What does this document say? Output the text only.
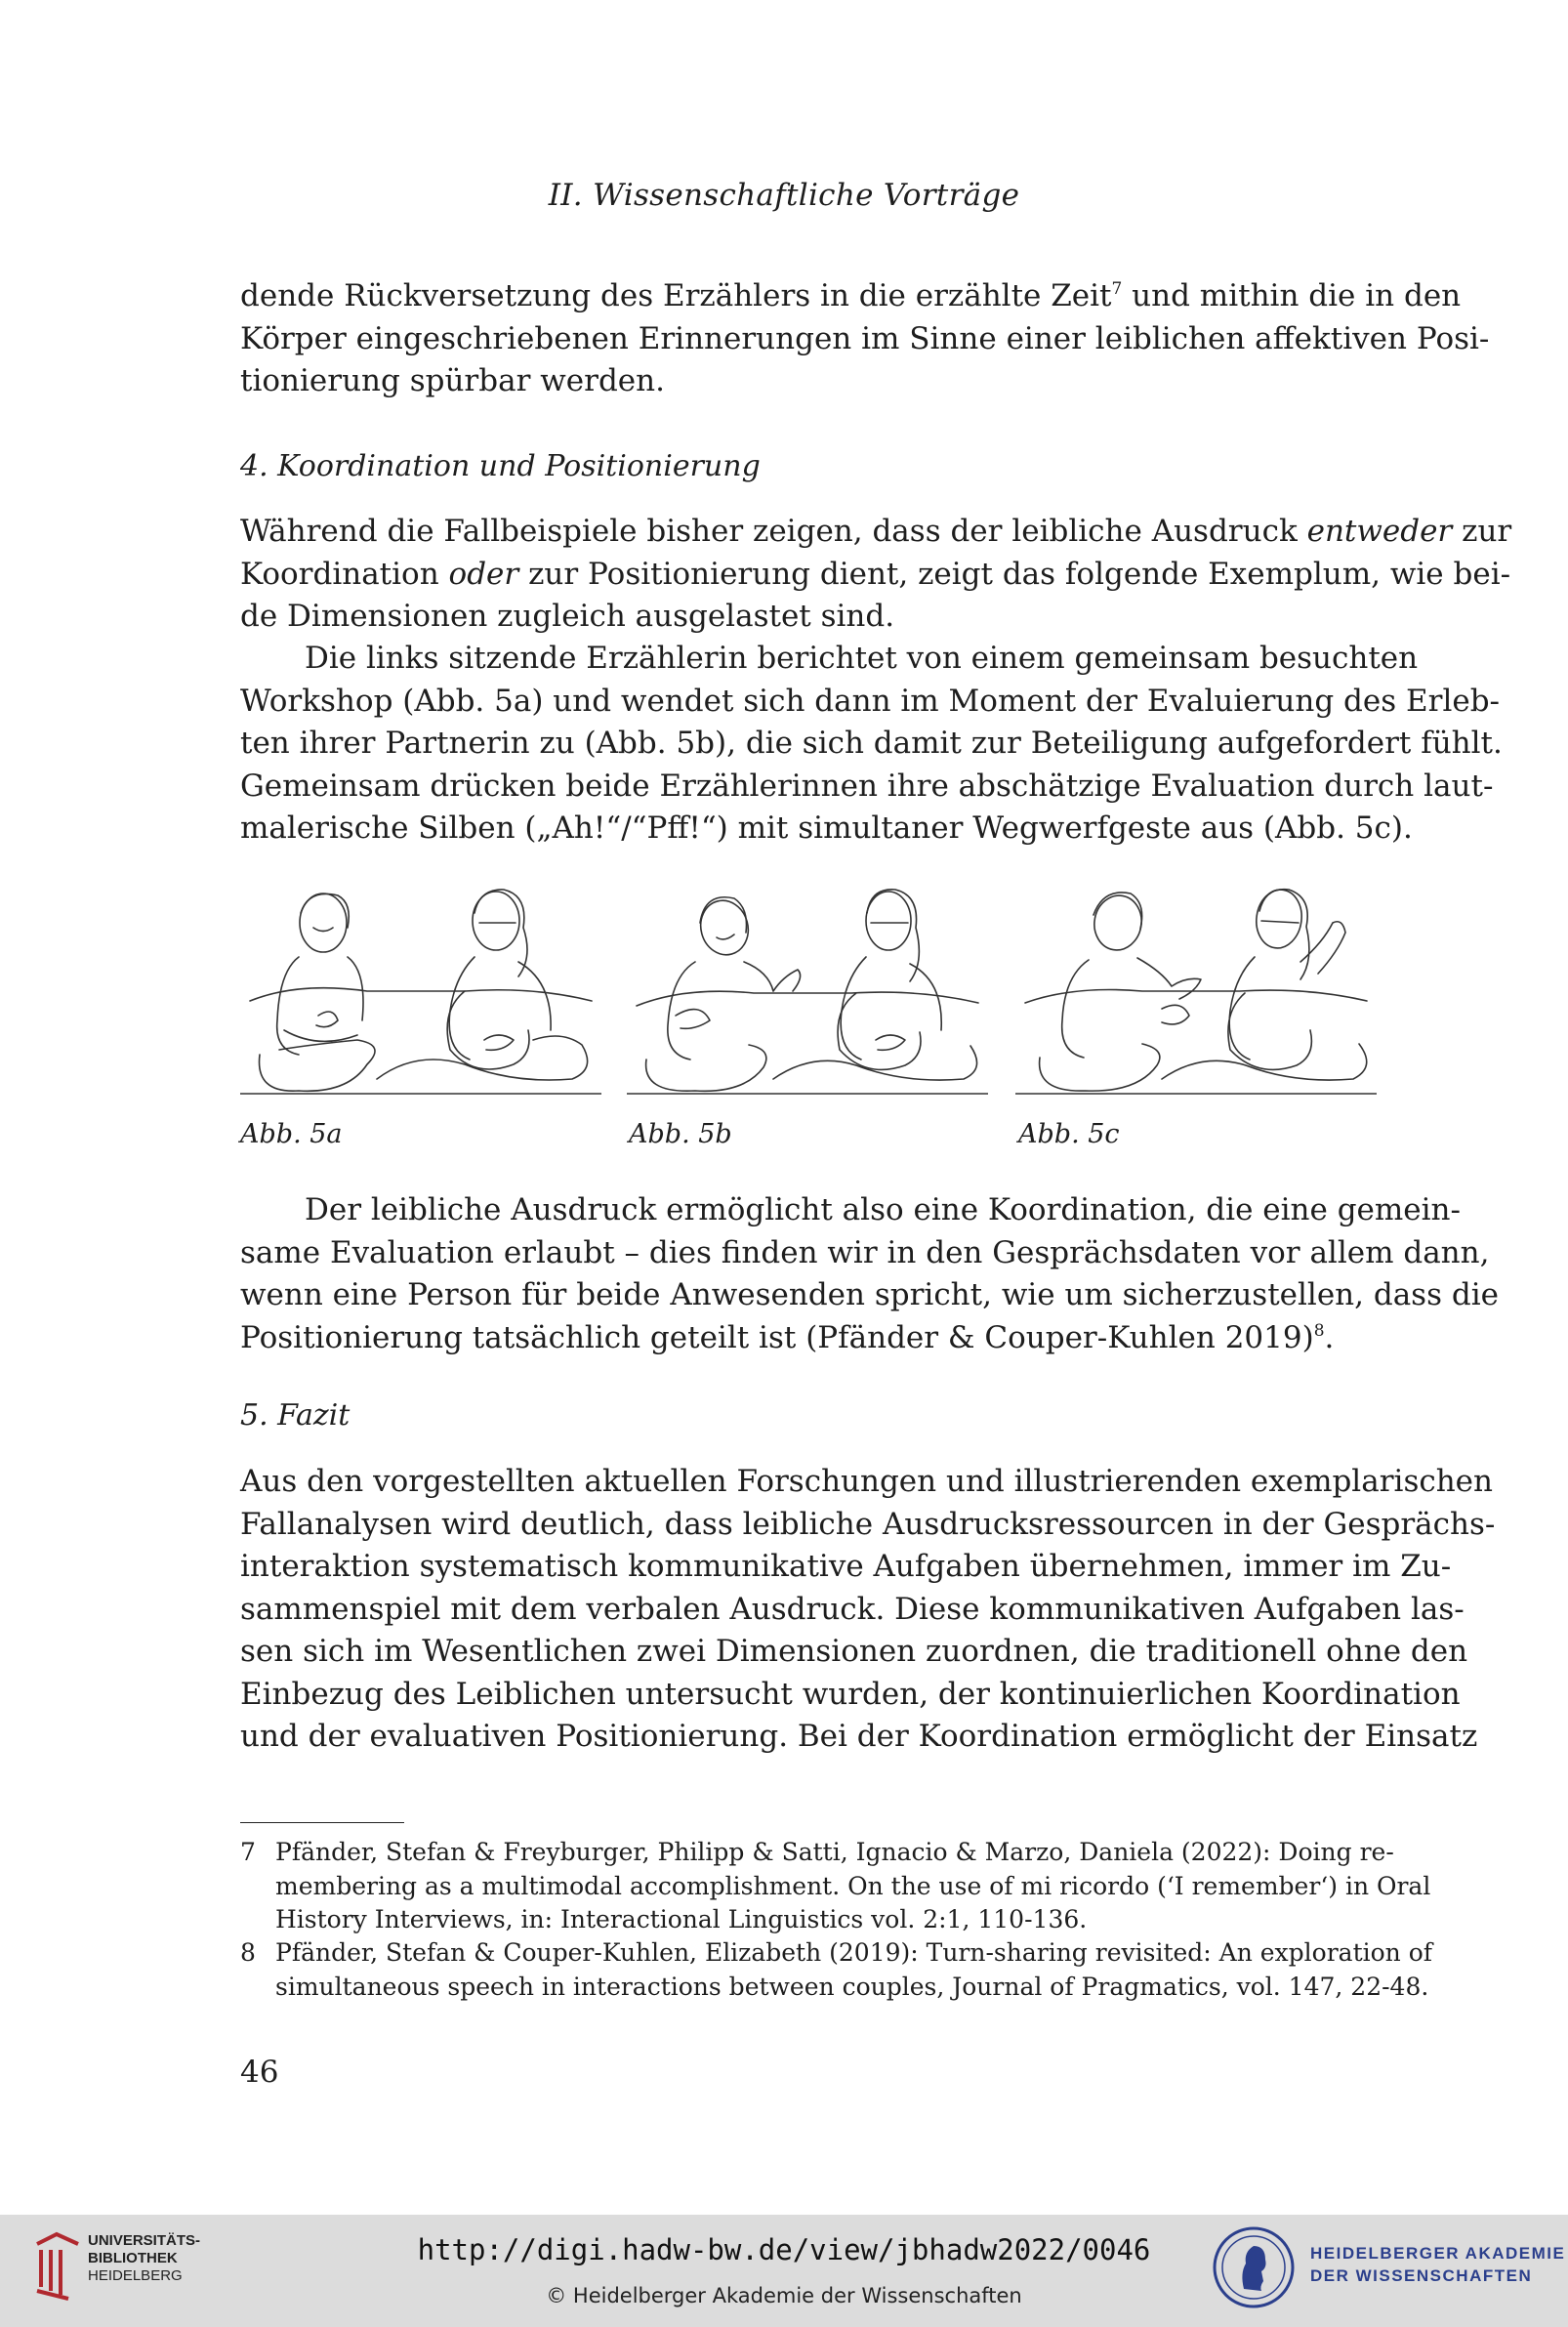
II. Wissenschaftliche Vorträge
dende Rückversetzung des Erzählers in die erzählte Zeit$^7$ und mithin die in den
Körper eingeschriebenen Erinnerungen im Sinne einer leiblichen affektiven Posi-
tionierung spürbar werden.
4. Koordination und Positionierung
Während die Fallbeispiele bisher zeigen, dass der leibliche Ausdruck entweder zur
Koordination oder zur Positionierung dient, zeigt das folgende Exemplum, wie bei-
de Dimensionen zugleich ausgelastet sind.
Die links sitzende Erzählerin berichtet von einem gemeinsam besuchten
Workshop (Abb. 5a) und wendet sich dann im Moment der Evaluierung des Erleb-
ten ihrer Partnerin zu (Abb. 5b), die sich damit zur Beteiligung aufgefordert fühlt.
Gemeinsam drücken beide Erzählerinnen ihre abschätzige Evaluation durch laut-
malerische Silben („Ah!“/“Pff!“) mit simultaner Wegwerfgeste aus (Abb. 5c).
Abb. 5a	Abb. 5b	Abb. 5c
Der leibliche Ausdruck ermöglicht also eine Koordination, die eine gemein-
same Evaluation erlaubt – dies finden wir in den Gesprächsdaten vor allem dann,
wenn eine Person für beide Anwesenden spricht, wie um sicherzustellen, dass die
Positionierung tatsächlich geteilt ist (Pfänder & Couper-Kuhlen 2019)$^8$.
5. Fazit
Aus den vorgestellten aktuellen Forschungen und illustrierenden exemplarischen
Fallanalysen wird deutlich, dass leibliche Ausdrucksressourcen in der Gesprächs-
interaktion systematisch kommunikative Aufgaben übernehmen, immer im Zu-
sammenspiel mit dem verbalen Ausdruck. Diese kommunikativen Aufgaben las-
sen sich im Wesentlichen zwei Dimensionen zuordnen, die traditionell ohne den
Einbezug des Leiblichen untersucht wurden, der kontinuierlichen Koordination
und der evaluativen Positionierung. Bei der Koordination ermöglicht der Einsatz
7 Pfänder, Stefan & Freyburger, Philipp & Satti, Ignacio & Marzo, Daniela (2022): Doing re-
membering as a multimodal accomplishment. On the use of mi ricordo (‘I remember‘) in Oral
History Interviews, in: Interactional Linguistics vol. 2:1, 110-136.
8 Pfänder, Stefan & Couper-Kuhlen, Elizabeth (2019): Turn-sharing revisited: An exploration of
simultaneous speech in interactions between couples, Journal of Pragmatics, vol. 147, 22-48.
46
UNIVERSITÄTS-
BIBLIOTHEK
HEIDELBERG
http://digi.hadw-bw.de/view/jbhadw2022/0046
© Heidelberger Akademie der Wissenschaften
HEIDELBERGER AKADEMIE
DER WISSENSCHAFTEN
